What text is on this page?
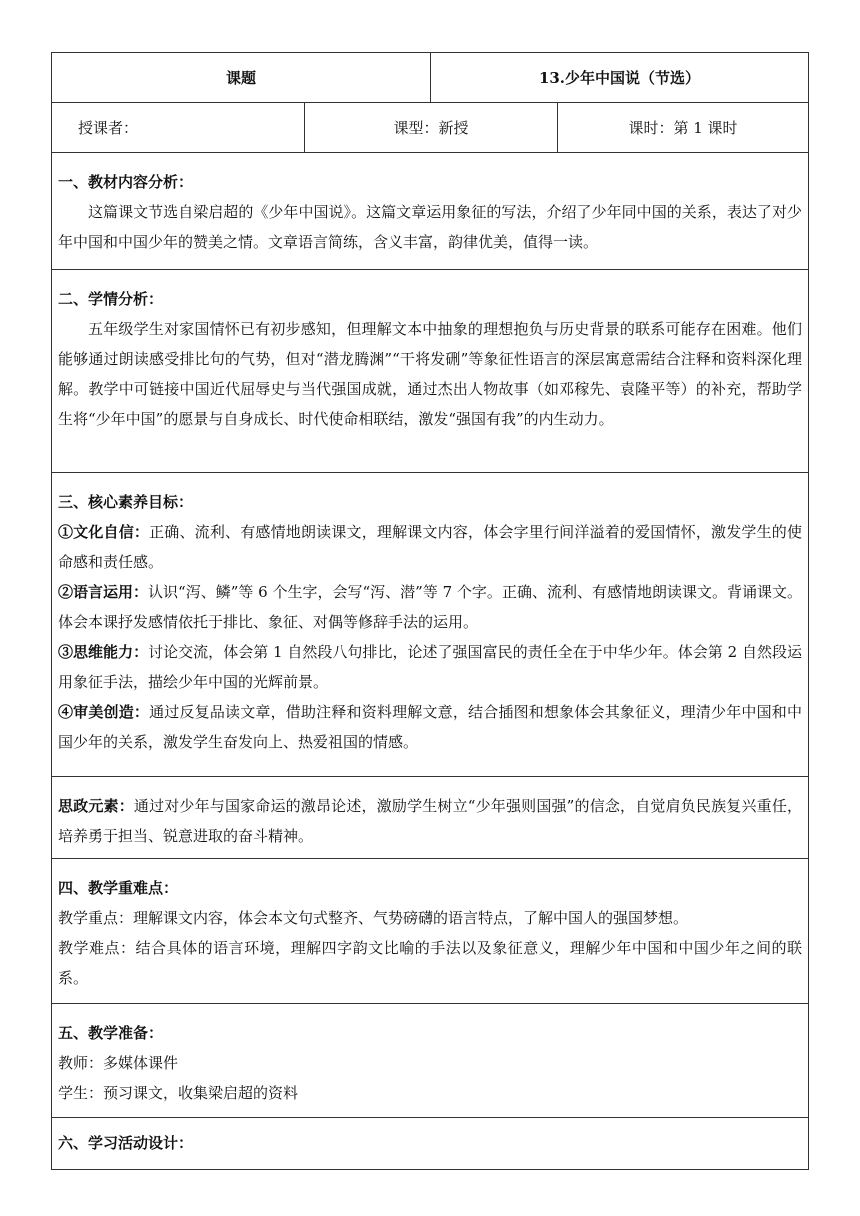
课题	13.少年中国说（节选）
授课者：	课型：新授	课时：第 1 课时
一、教材内容分析：

这篇课文节选自梁启超的《少年中国说》。这篇文章运用象征的写法，介绍了少年同中国的关系，表达了对少年中国和中国少年的赞美之情。文章语言简练，含义丰富，韵律优美，值得一读。

二、学情分析：

五年级学生对家国情怀已有初步感知，但理解文本中抽象的理想抱负与历史背景的联系可能存在困难。他们能够通过朗读感受排比句的气势，但对“潜龙腾渊”“干将发硎”等象征性语言的深层寓意需结合注释和资料深化理解。教学中可链接中国近代屈辱史与当代强国成就，通过杰出人物故事（如邓稼先、袁隆平等）的补充，帮助学生将“少年中国”的愿景与自身成长、时代使命相联结，激发“强国有我”的内生动力。

三、核心素养目标：

①文化自信：正确、流利、有感情地朗读课文，理解课文内容，体会字里行间洋溢着的爱国情怀，激发学生的使命感和责任感。

②语言运用：认识“泻、鳞”等 6 个生字，会写“泻、潜”等 7 个字。正确、流利、有感情地朗读课文。背诵课文。体会本课抒发感情依托于排比、象征、对偶等修辞手法的运用。

③思维能力：讨论交流，体会第 1 自然段八句排比，论述了强国富民的责任全在于中华少年。体会第 2 自然段运用象征手法，描绘少年中国的光辉前景。

④审美创造：通过反复品读文章，借助注释和资料理解文意，结合插图和想象体会其象征义，理清少年中国和中国少年的关系，激发学生奋发向上、热爱祖国的情感。

思政元素：通过对少年与国家命运的激昂论述，激励学生树立“少年强则国强”的信念，自觉肩负民族复兴重任，培养勇于担当、锐意进取的奋斗精神。

四、教学重难点：

教学重点：理解课文内容，体会本文句式整齐、气势磅礴的语言特点，了解中国人的强国梦想。

教学难点：结合具体的语言环境，理解四字韵文比喻的手法以及象征意义，理解少年中国和中国少年之间的联系。

五、教学准备：

教师：多媒体课件

学生：预习课文，收集梁启超的资料

六、学习活动设计：
